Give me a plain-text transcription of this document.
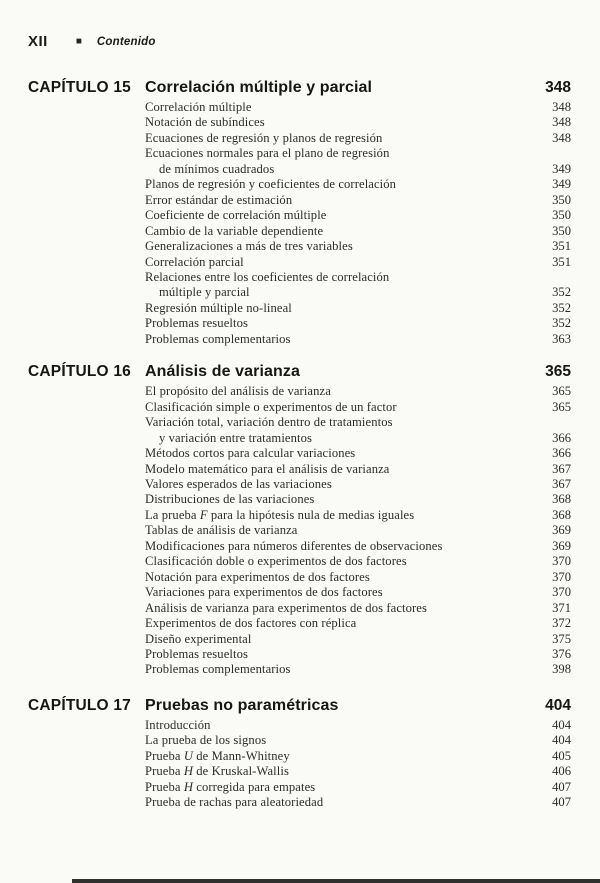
XII	■ Contenido
CAPÍTULO 15 Correlación múltiple y parcial	348
Correlación múltiple	348
Notación de subíndices	348
Ecuaciones de regresión y planos de regresión	348
Ecuaciones normales para el plano de regresión
de mínimos cuadrados	349
Planos de regresión y coeficientes de correlación	349
Error estándar de estimación	350
Coeficiente de correlación múltiple	350
Cambio de la variable dependiente	350
Generalizaciones a más de tres variables	351
Correlación parcial	351
Relaciones entre los coeficientes de correlación
múltiple y parcial	352
Regresión múltiple no-lineal	352
Problemas resueltos	352
Problemas complementarios	363
CAPÍTULO 16 Análisis de varianza	365
El propósito del análisis de varianza	365
Clasificación simple o experimentos de un factor	365
Variación total, variación dentro de tratamientos
y variación entre tratamientos	366
Métodos cortos para calcular variaciones	366
Modelo matemático para el análisis de varianza	367
Valores esperados de las variaciones	367
Distribuciones de las variaciones	368
La prueba F para la hipótesis nula de medias iguales	368
Tablas de análisis de varianza	369
Modificaciones para números diferentes de observaciones	369
Clasificación doble o experimentos de dos factores	370
Notación para experimentos de dos factores	370
Variaciones para experimentos de dos factores	370
Análisis de varianza para experimentos de dos factores	371
Experimentos de dos factores con réplica	372
Diseño experimental	375
Problemas resueltos	376
Problemas complementarios	398
CAPÍTULO 17 Pruebas no paramétricas	404
Introducción	404
La prueba de los signos	404
Prueba U de Mann-Whitney	405
Prueba H de Kruskal-Wallis	406
Prueba H corregida para empates	407
Prueba de rachas para aleatoriedad	407
